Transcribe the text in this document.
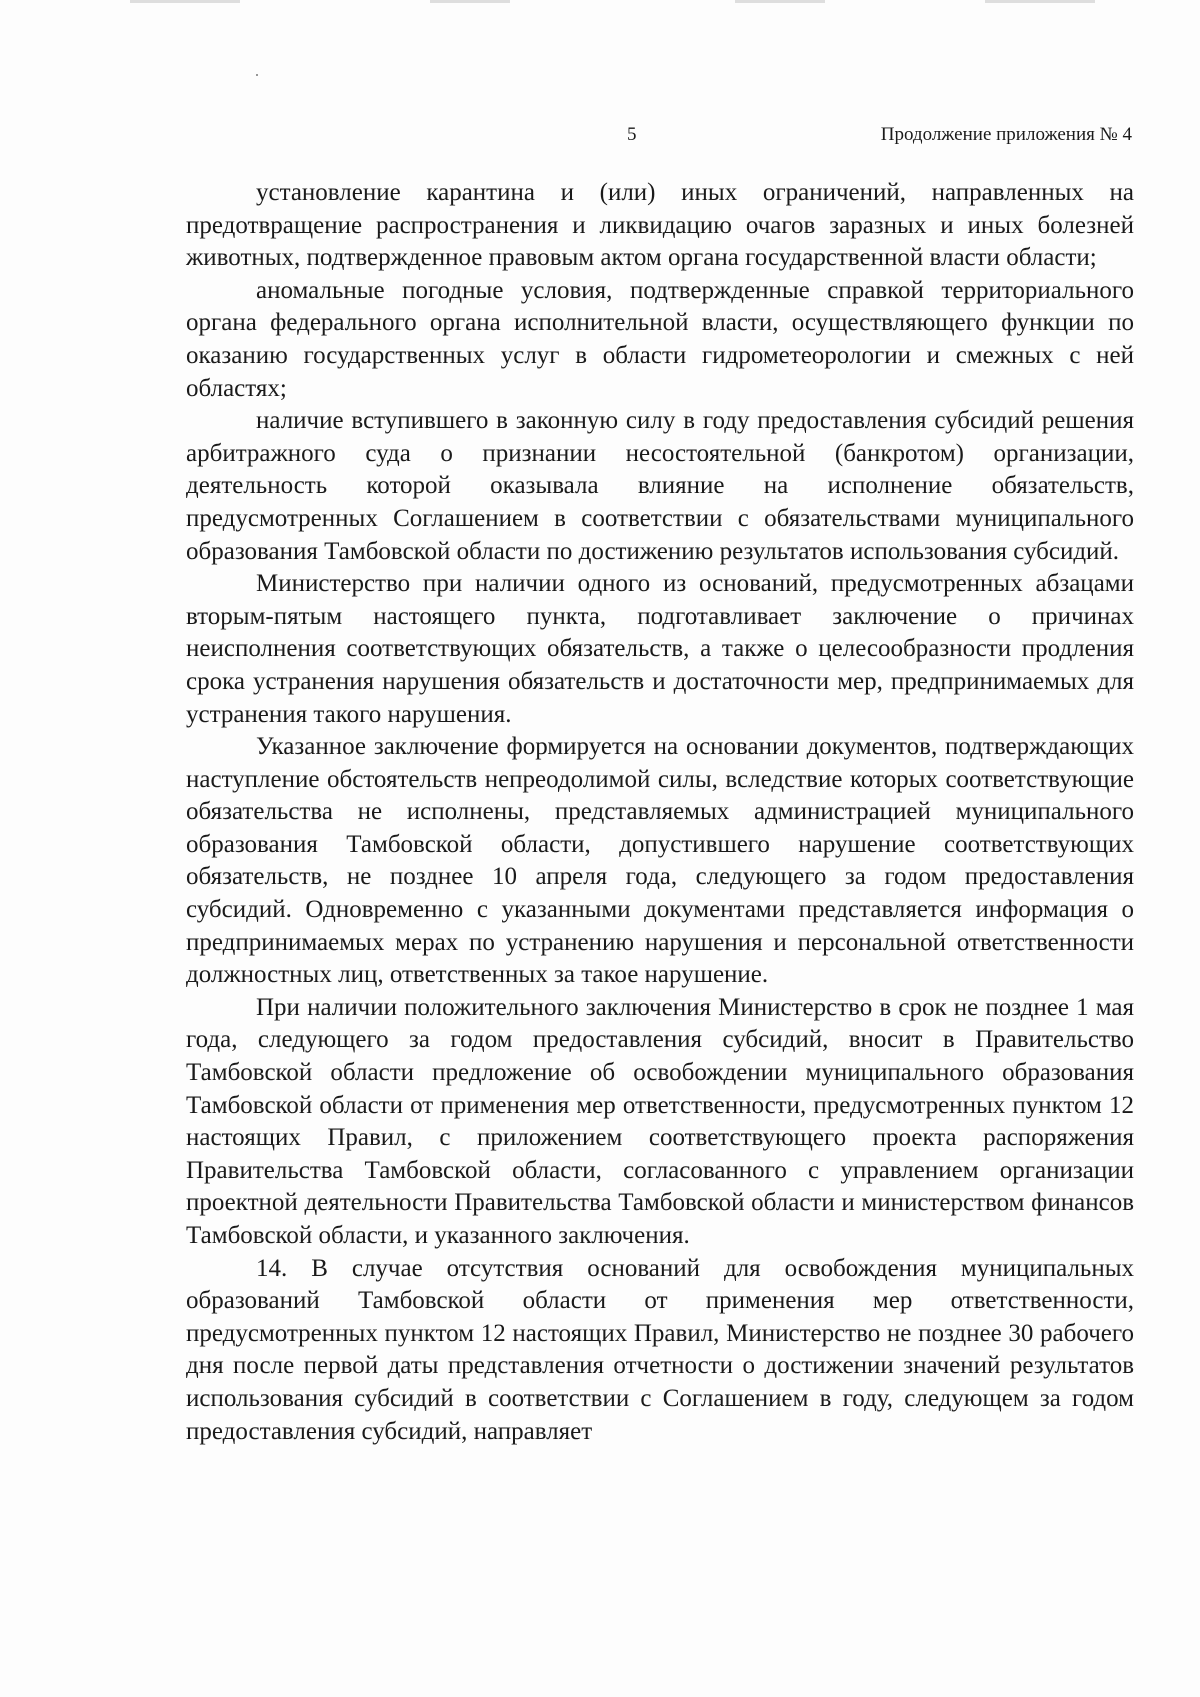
5	Продолжение приложения № 4

установление карантина и (или) иных ограничений, направленных на предотвращение распространения и ликвидацию очагов заразных и иных болезней животных, подтвержденное правовым актом органа государственной власти области;

аномальные погодные условия, подтвержденные справкой территориального органа федерального органа исполнительной власти, осуществляющего функции по оказанию государственных услуг в области гидрометеорологии и смежных с ней областях;

наличие вступившего в законную силу в году предоставления субсидий решения арбитражного суда о признании несостоятельной (банкротом) организации, деятельность которой оказывала влияние на исполнение обязательств, предусмотренных Соглашением в соответствии с обязательствами муниципального образования Тамбовской области по достижению результатов использования субсидий.

Министерство при наличии одного из оснований, предусмотренных абзацами вторым-пятым настоящего пункта, подготавливает заключение о причинах неисполнения соответствующих обязательств, а также о целесообразности продления срока устранения нарушения обязательств и достаточности мер, предпринимаемых для устранения такого нарушения.

Указанное заключение формируется на основании документов, подтверждающих наступление обстоятельств непреодолимой силы, вследствие которых соответствующие обязательства не исполнены, представляемых администрацией муниципального образования Тамбовской области, допустившего нарушение соответствующих обязательств, не позднее 10 апреля года, следующего за годом предоставления субсидий. Одновременно с указанными документами представляется информация о предпринимаемых мерах по устранению нарушения и персональной ответственности должностных лиц, ответственных за такое нарушение.

При наличии положительного заключения Министерство в срок не позднее 1 мая года, следующего за годом предоставления субсидий, вносит в Правительство Тамбовской области предложение об освобождении муниципального образования Тамбовской области от применения мер ответственности, предусмотренных пунктом 12 настоящих Правил, с приложением соответствующего проекта распоряжения Правительства Тамбовской области, согласованного с управлением организации проектной деятельности Правительства Тамбовской области и министерством финансов Тамбовской области, и указанного заключения.

14. В случае отсутствия оснований для освобождения муниципальных образований Тамбовской области от применения мер ответственности, предусмотренных пунктом 12 настоящих Правил, Министерство не позднее 30 рабочего дня после первой даты представления отчетности о достижении значений результатов использования субсидий в соответствии с Соглашением в году, следующем за годом предоставления субсидий, направляет
